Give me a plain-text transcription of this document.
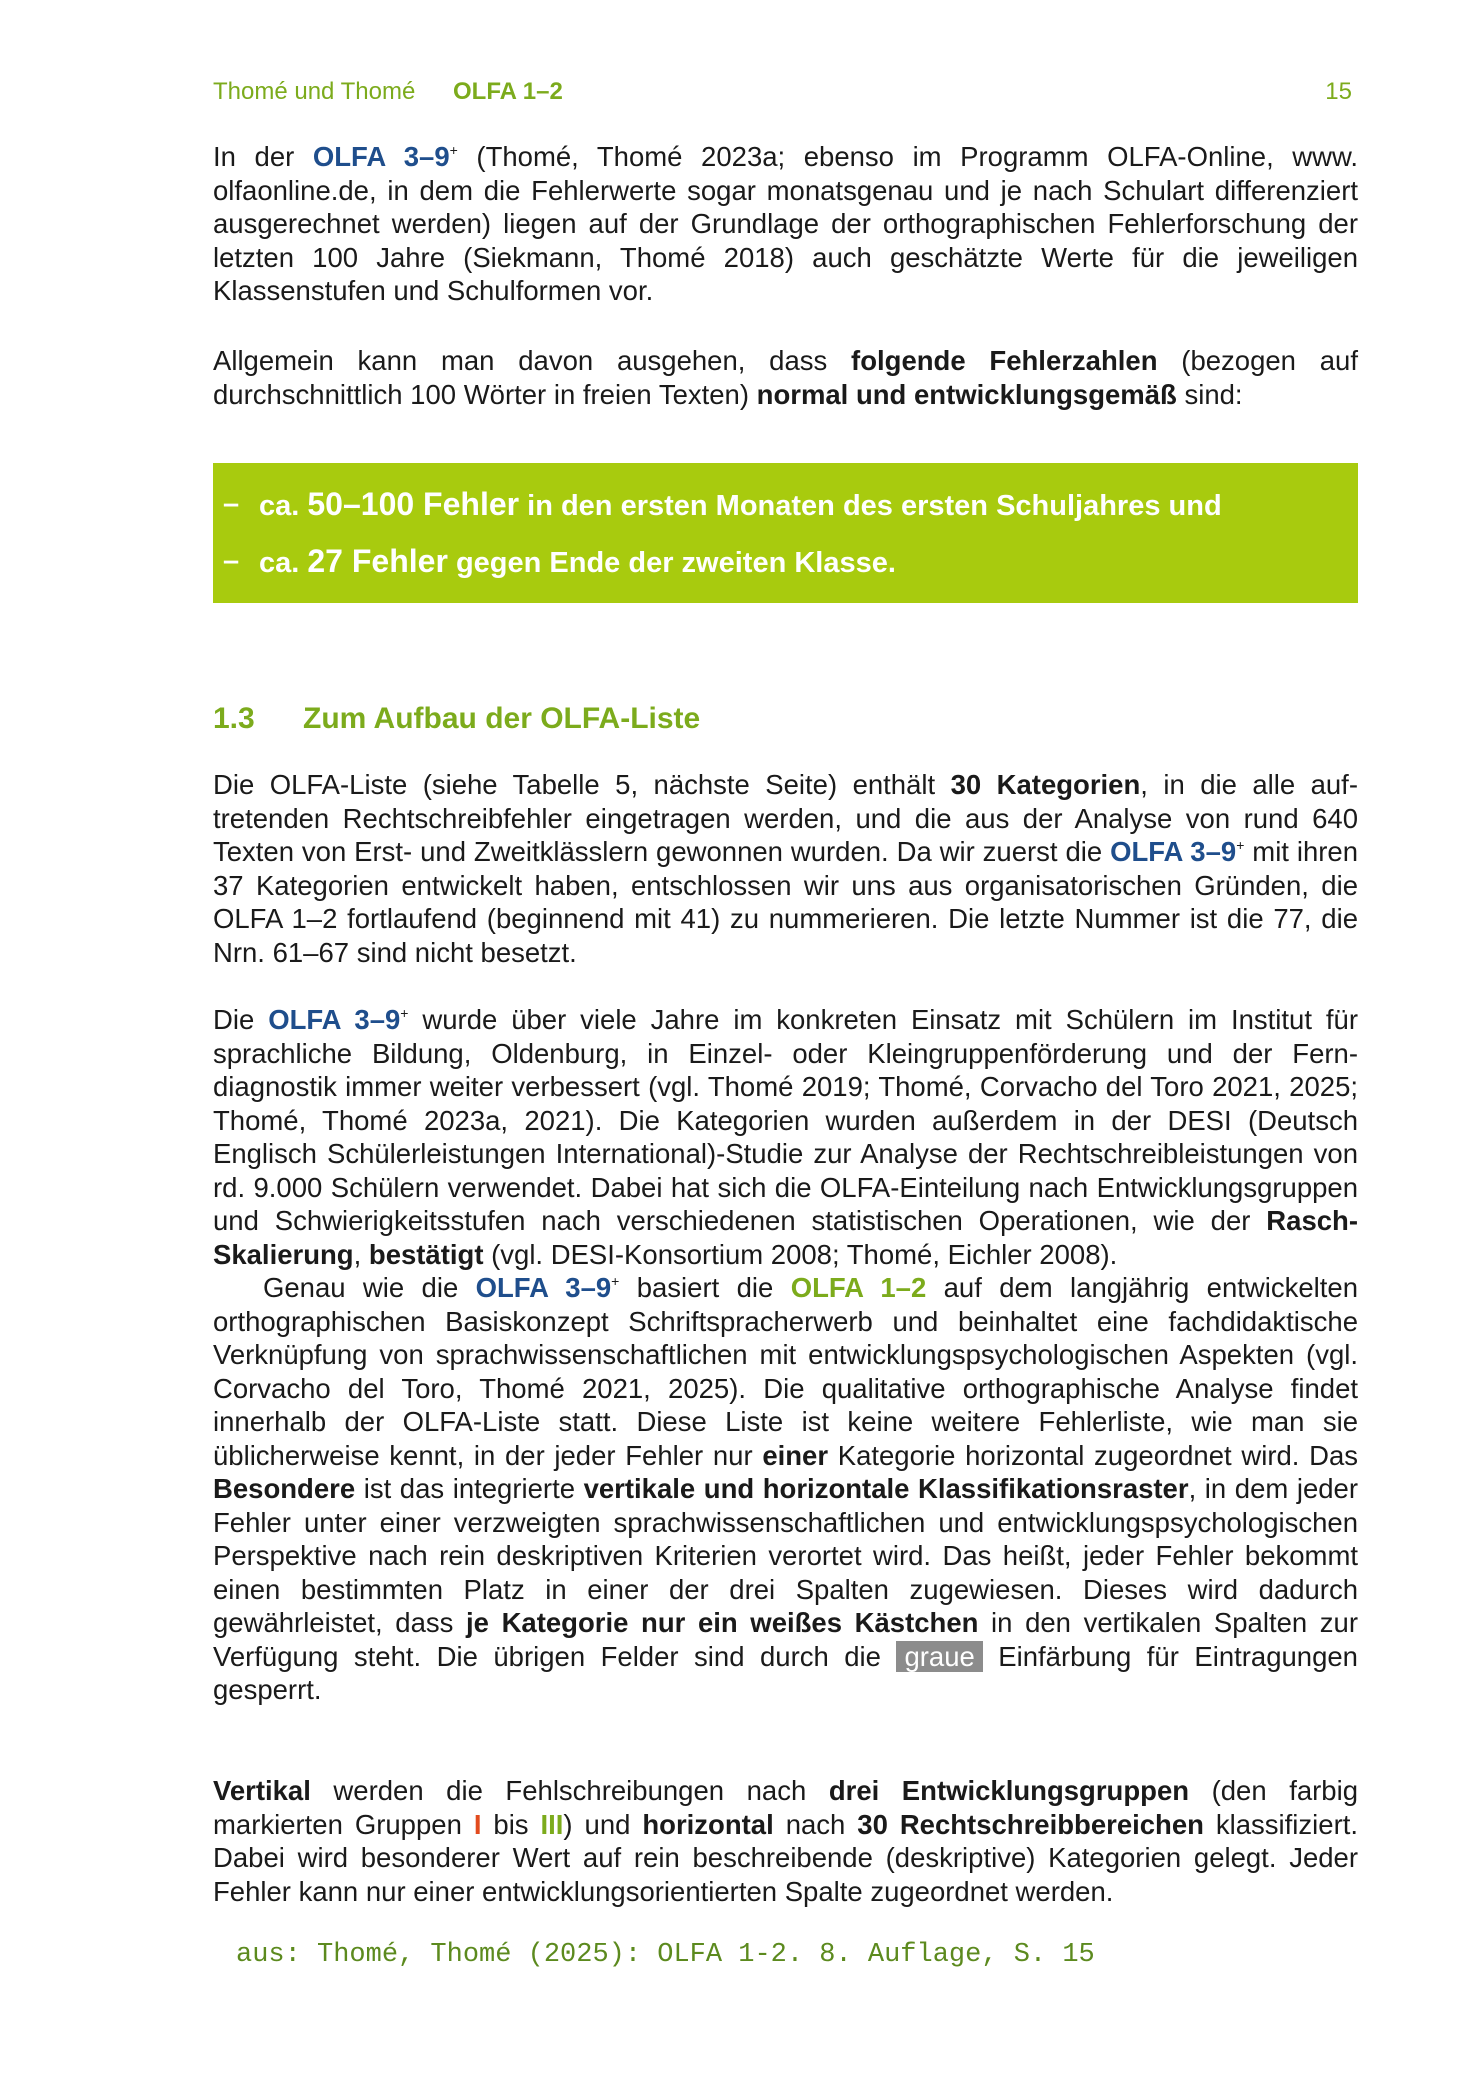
Thomé und Thomé OLFA 1–2	15

In der OLFA 3–9+ (Thomé, Thomé 2023a; ebenso im Programm OLFA-Online, www. olfaonline.de, in dem die Fehlerwerte sogar monatsgenau und je nach Schulart differenziert ausgerechnet werden) liegen auf der Grundlage der orthographischen Fehlerforschung der letzten 100 Jahre (Siekmann, Thomé 2018) auch geschätzte Werte für die jeweiligen Klassenstufen und Schulformen vor.

Allgemein kann man davon ausgehen, dass folgende Fehlerzahlen (bezogen auf durchschnittlich 100 Wörter in freien Texten) normal und entwicklungsgemäß sind:

– ca. 50–100 Fehler in den ersten Monaten des ersten Schuljahres und
– ca. 27 Fehler gegen Ende der zweiten Klasse.
1.3 Zum Aufbau der OLFA-Liste

Die OLFA-Liste (siehe Tabelle 5, nächste Seite) enthält 30 Kategorien, in die alle auftretenden Rechtschreibfehler eingetragen werden, und die aus der Analyse von rund 640 Texten von Erst- und Zweitklässlern gewonnen wurden. Da wir zuerst die OLFA 3–9+ mit ihren 37 Kategorien entwickelt haben, entschlossen wir uns aus organisatorischen Gründen, die OLFA 1–2 fortlaufend (beginnend mit 41) zu nummerieren. Die letzte Nummer ist die 77, die Nrn. 61–67 sind nicht besetzt.

Die OLFA 3–9+ wurde über viele Jahre im konkreten Einsatz mit Schülern im Institut für sprachliche Bildung, Oldenburg, in Einzel- oder Kleingruppenförderung und der Ferndiagnostik immer weiter verbessert (vgl. Thomé 2019; Thomé, Corvacho del Toro 2021, 2025; Thomé, Thomé 2023a, 2021). Die Kategorien wurden außerdem in der DESI (Deutsch Englisch Schülerleistungen International)-Studie zur Analyse der Rechtschreibleistungen von rd. 9.000 Schülern verwendet. Dabei hat sich die OLFA-Einteilung nach Entwicklungsgruppen und Schwierigkeitsstufen nach verschiedenen statistischen Operationen, wie der Rasch-Skalierung, bestätigt (vgl. DESI-Konsortium 2008; Thomé, Eichler 2008).

Genau wie die OLFA 3–9+ basiert die OLFA 1–2 auf dem langjährig entwickelten orthographischen Basiskonzept Schriftspracherwerb und beinhaltet eine fachdidaktische Verknüpfung von sprachwissenschaftlichen mit entwicklungspsychologischen Aspekten (vgl. Corvacho del Toro, Thomé 2021, 2025). Die qualitative orthographische Analyse findet innerhalb der OLFA-Liste statt. Diese Liste ist keine weitere Fehlerliste, wie man sie üblicherweise kennt, in der jeder Fehler nur einer Kategorie horizontal zugeordnet wird. Das Besondere ist das integrierte vertikale und horizontale Klassifikationsraster, in dem jeder Fehler unter einer verzweigten sprachwissenschaftlichen und entwicklungspsychologischen Perspektive nach rein deskriptiven Kriterien verortet wird. Das heißt, jeder Fehler bekommt einen bestimmten Platz in einer der drei Spalten zugewiesen. Dieses wird dadurch gewährleistet, dass je Kategorie nur ein weißes Kästchen in den vertikalen Spalten zur Verfügung steht. Die übrigen Felder sind durch die graue Einfärbung für Eintragungen gesperrt.

Vertikal werden die Fehlschreibungen nach drei Entwicklungsgruppen (den farbig markierten Gruppen I bis III) und horizontal nach 30 Rechtschreibbereichen klassifiziert. Dabei wird besonderer Wert auf rein beschreibende (deskriptive) Kategorien gelegt. Jeder Fehler kann nur einer entwicklungsorientierten Spalte zugeordnet werden.

aus: Thomé, Thomé (2025): OLFA 1-2. 8. Auflage, S. 15
